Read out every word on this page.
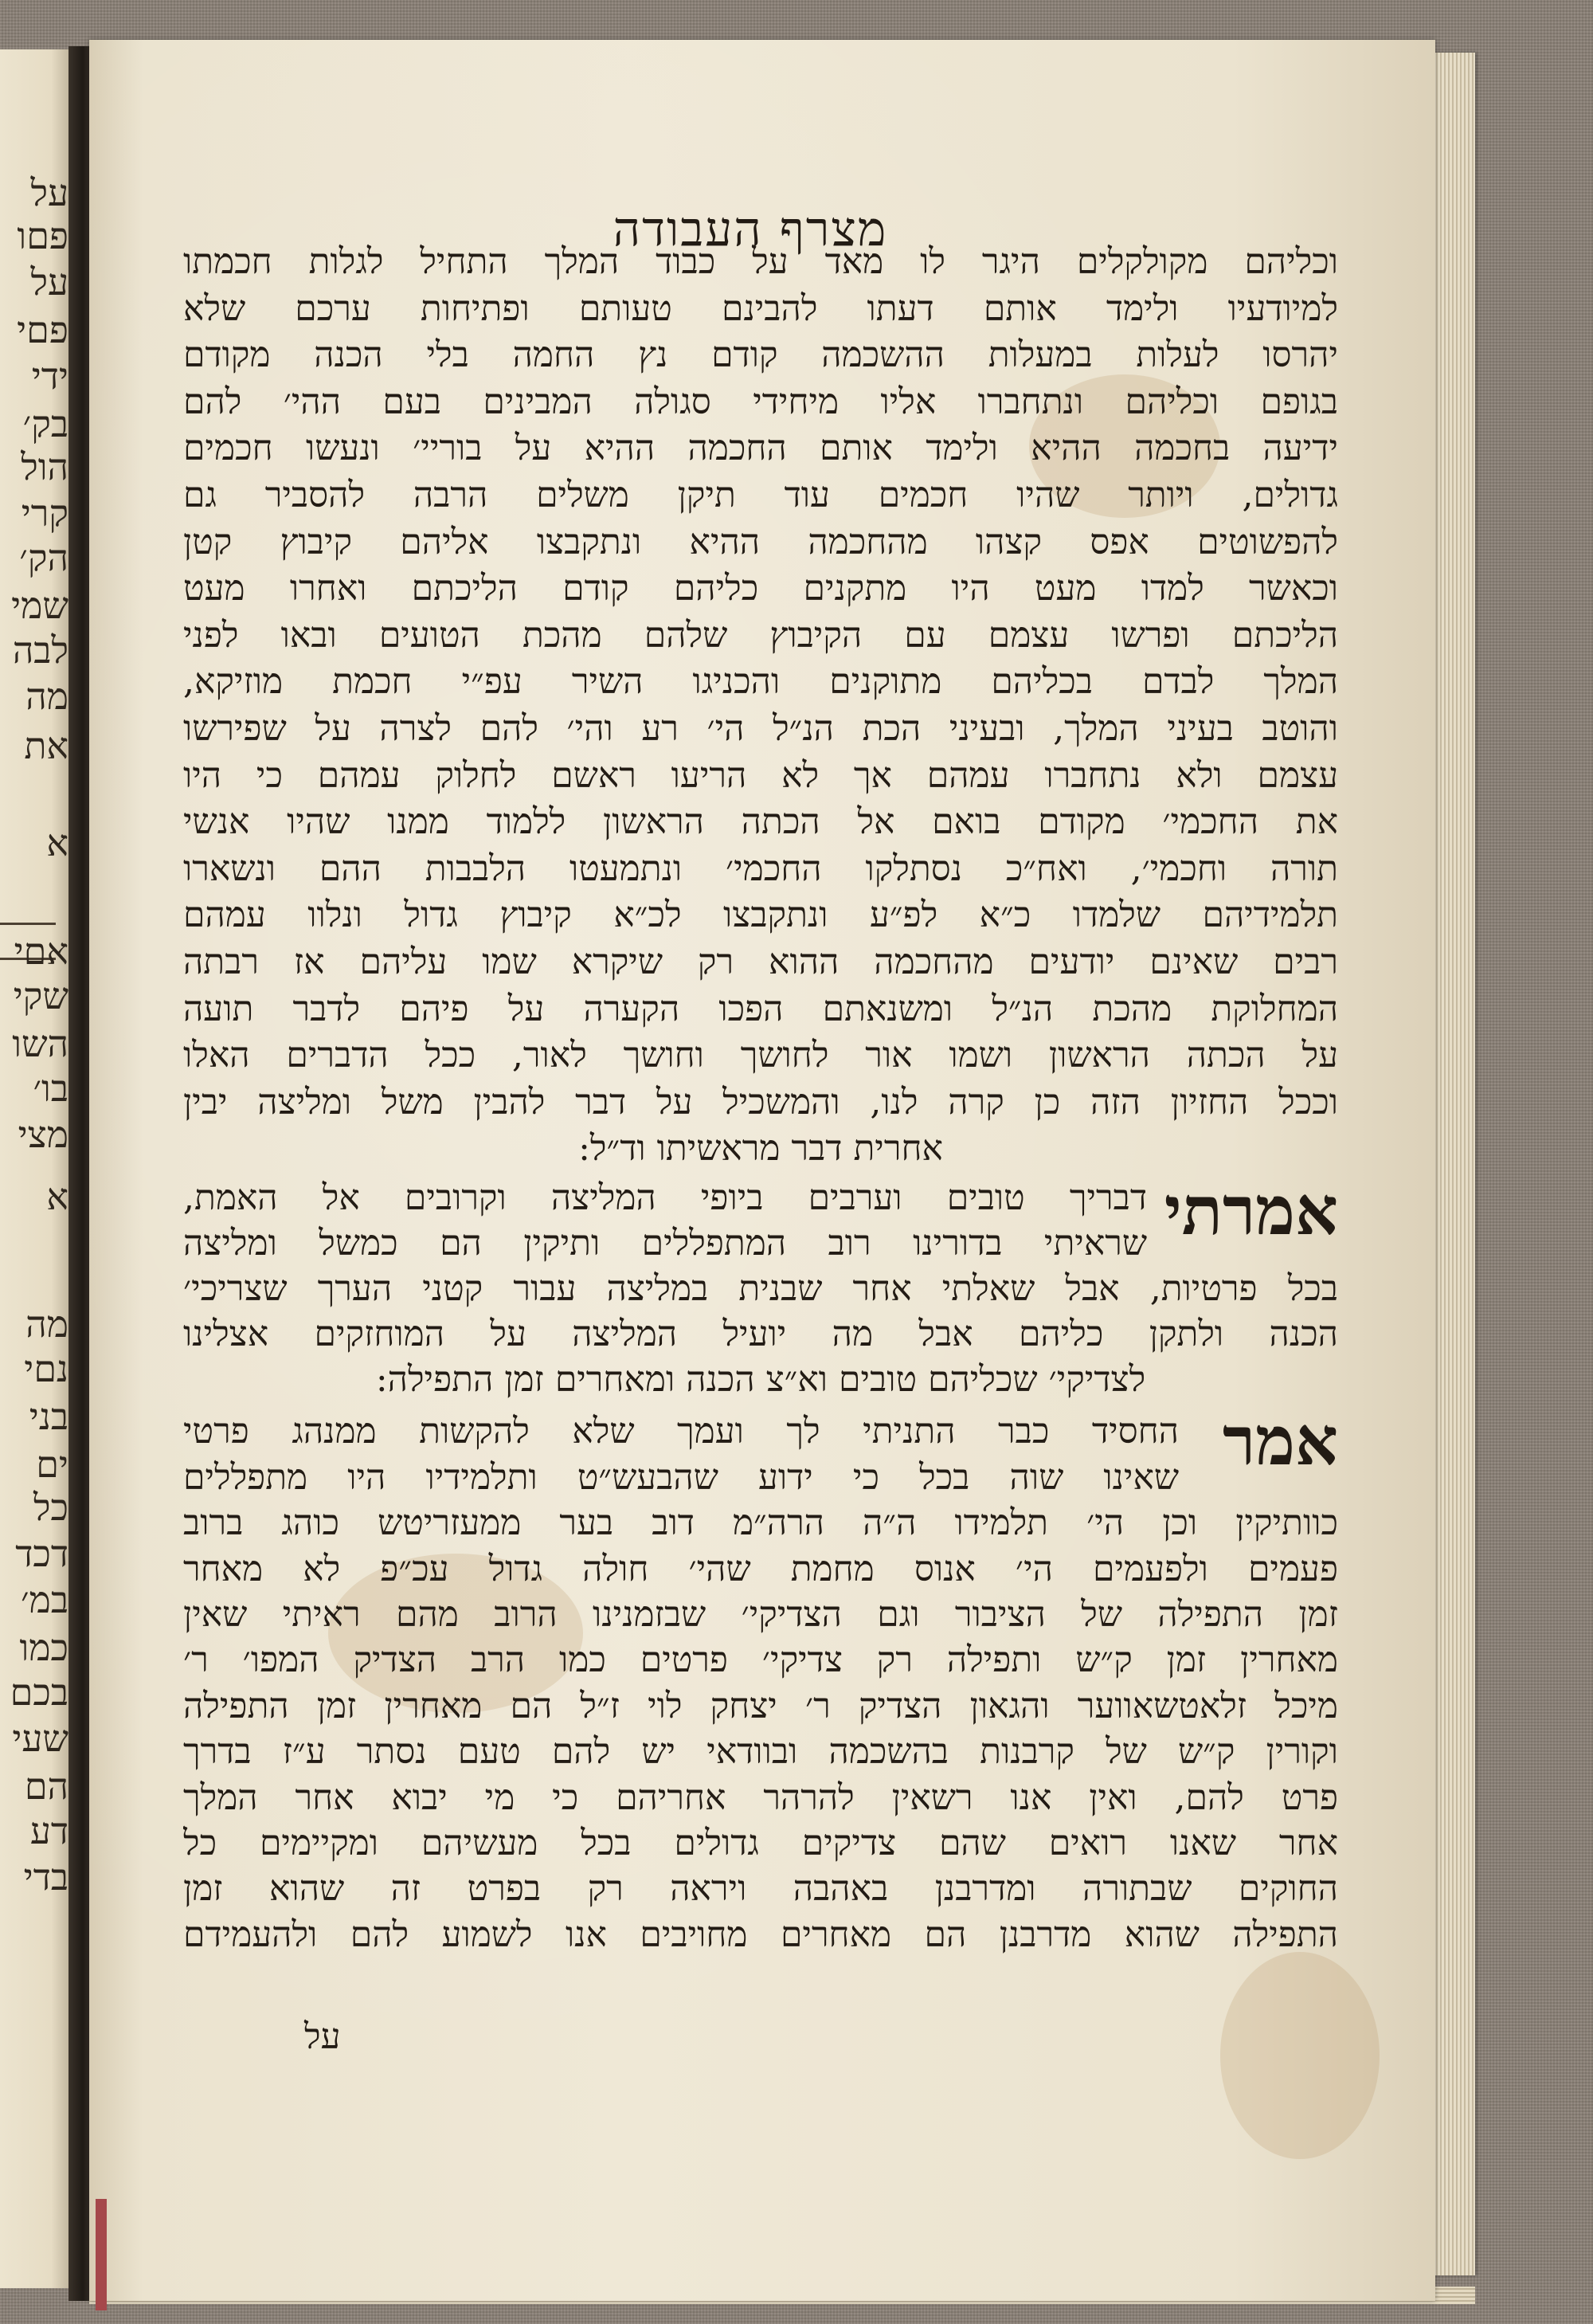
על
פםו
על
פםי
ידי
בק׳
הול
קרי
הק׳
שמי
לבה
מה
את
א
אםי
שקי
השו
בו׳
מצי
א
מה
נםי
בני
ים
כל
דכד
במ׳
כמו
בכם
שעי
הם
דע
בדי
מצרף העבודה
וכליהם מקולקלים היגר לו מאד על כבוד המלך התחיל לגלות חכמתו
למיודעיו ולימד אותם דעתו להבינם טעותם ופתיחות ערכם שלא
יהרסו לעלות במעלות ההשכמה קודם נץ החמה בלי הכנה מקודם
בגופם וכליהם ונתחברו אליו מיחידי סגולה המבינים בעם ההי׳ להם
ידיעה בחכמה ההיא ולימד אותם החכמה ההיא על בוריי׳ ונעשו חכמים
גדולים, ויותר שהיו חכמים עוד תיקן משלים הרבה להסביר גם
להפשוטים אפס קצהו מהחכמה ההיא ונתקבצו אליהם קיבוץ קטן
וכאשר למדו מעט היו מתקנים כליהם קודם הליכתם ואחרו מעט
הליכתם ופרשו עצמם עם הקיבוץ שלהם מהכת הטועים ובאו לפני
המלך לבדם בכליהם מתוקנים והכניגו השיר עפ״י חכמת מוזיקא,
והוטב בעיני המלך, ובעיני הכת הנ״ל הי׳ רע והי׳ להם לצרה על שפירשו
עצמם ולא נתחברו עמהם אך לא הריעו ראשם לחלוק עמהם כי היו
את החכמי׳ מקודם בואם אל הכתה הראשון ללמוד ממנו שהיו אנשי
תורה וחכמי׳, ואח״כ נסתלקו החכמי׳ ונתמעטו הלבבות ההם ונשארו
תלמידיהם שלמדו כ״א לפ״ע ונתקבצו לכ״א קיבוץ גדול ונלוו עמהם
רבים שאינם יודעים מהחכמה ההוא רק שיקרא שמו עליהם אז רבתה
המחלוקת מהכת הנ״ל ומשנאתם הפכו הקערה על פיהם לדבר תועה
על הכתה הראשון ושמו אור לחושך וחושך לאור, ככל הדברים האלו
וככל החזיון הזה כן קרה לנו, והמשכיל על דבר להבין משל ומליצה יבין
אחרית דבר מראשיתו וד״ל:
אמרתי
דבריך טובים וערבים ביופי המליצה וקרובים אל האמת,
שראיתי בדורינו רוב המתפללים ותיקין הם כמשל ומליצה
בכל פרטיות, אבל שאלתי אחר שבנית במליצה עבור קטני הערך שצריכי׳
הכנה ולתקן כליהם אבל מה יועיל המליצה על המוחזקים אצלינו
לצדיקי׳ שכליהם טובים וא״צ הכנה ומאחרים זמן התפילה:
אמר
החסיד כבר התניתי לך ועמך שלא להקשות ממנהג פרטי
שאינו שוה בכל כי ידוע שהבעש״ט ותלמידיו היו מתפללים
כוותיקין וכן הי׳ תלמידו ה״ה הרה״מ דוב בער ממעזריטש כוהג ברוב
פעמים ולפעמים הי׳ אנוס מחמת שהי׳ חולה גדול עכ״פ לא מאחר
זמן התפילה של הציבור וגם הצדיקי׳ שבזמנינו הרוב מהם ראיתי שאין
מאחרין זמן ק״ש ותפילה רק צדיקי׳ פרטים כמו הרב הצדיק המפו׳ ר׳
מיכל זלאטשאווער והגאון הצדיק ר׳ יצחק לוי ז״ל הם מאחרין זמן התפילה
וקורין ק״ש של קרבנות בהשכמה ובוודאי יש להם טעם נסתר ע״ז בדרך
פרט להם, ואין אנו רשאין להרהר אחריהם כי מי יבוא אחר המלך
אחר שאנו רואים שהם צדיקים גדולים בכל מעשיהם ומקיימים כל
החוקים שבתורה ומדרבנן באהבה ויראה רק בפרט זה שהוא זמן
התפילה שהוא מדרבנן הם מאחרים מחויבים אנו לשמוע להם ולהעמידם
על
